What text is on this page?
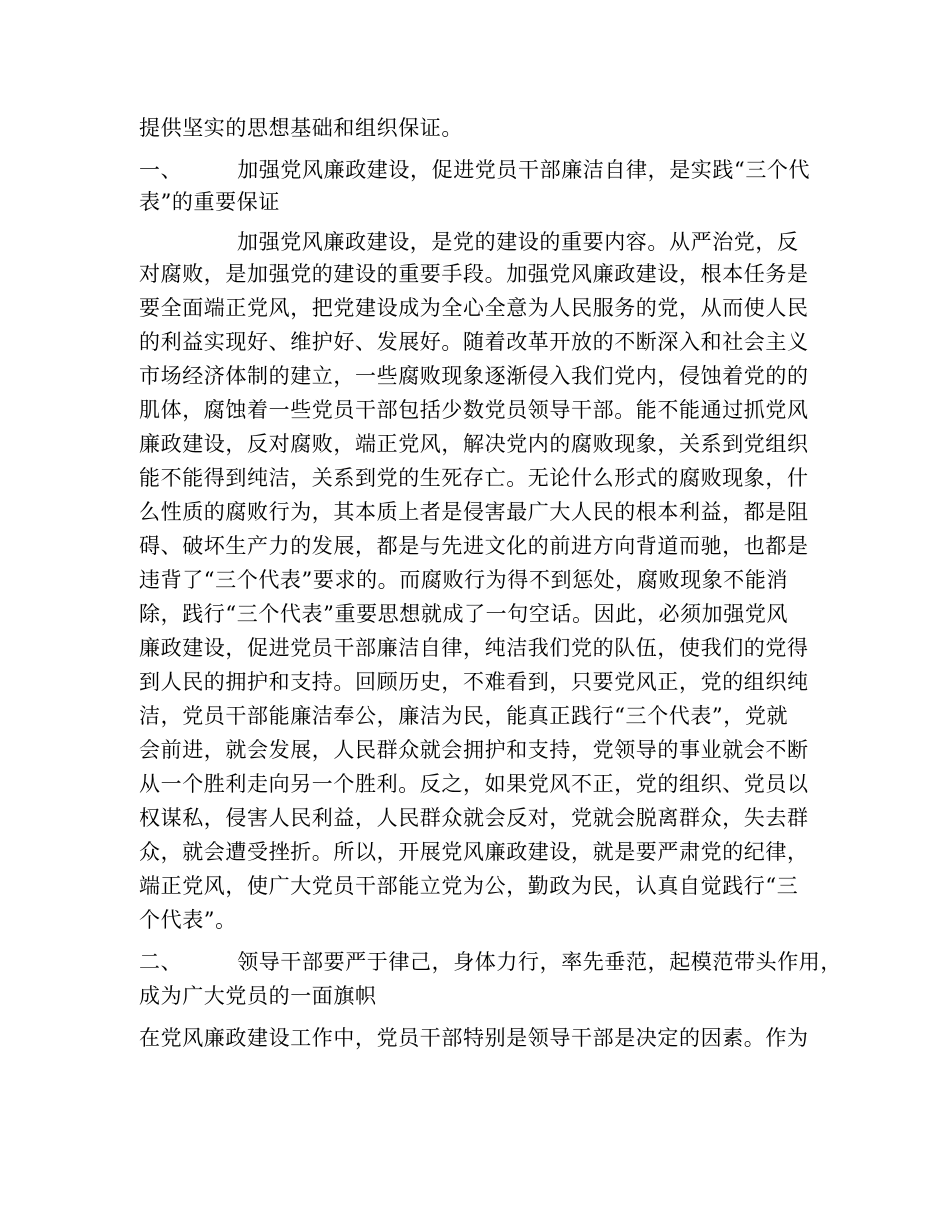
提供坚实的思想基础和组织保证。
一、	加强党风廉政建设，促进党员干部廉洁自律，是实践“三个代
表”的重要保证
加强党风廉政建设，是党的建设的重要内容。从严治党，反
对腐败，是加强党的建设的重要手段。加强党风廉政建设，根本任务是
要全面端正党风，把党建设成为全心全意为人民服务的党，从而使人民
的利益实现好、维护好、发展好。随着改革开放的不断深入和社会主义
市场经济体制的建立，一些腐败现象逐渐侵入我们党内，侵蚀着党的的
肌体，腐蚀着一些党员干部包括少数党员领导干部。能不能通过抓党风
廉政建设，反对腐败，端正党风，解决党内的腐败现象，关系到党组织
能不能得到纯洁，关系到党的生死存亡。无论什么形式的腐败现象，什
么性质的腐败行为，其本质上者是侵害最广大人民的根本利益，都是阻
碍、破坏生产力的发展，都是与先进文化的前进方向背道而驰，也都是
违背了“三个代表”要求的。而腐败行为得不到惩处，腐败现象不能消
除，践行“三个代表”重要思想就成了一句空话。因此，必须加强党风
廉政建设，促进党员干部廉洁自律，纯洁我们党的队伍，使我们的党得
到人民的拥护和支持。回顾历史，不难看到，只要党风正，党的组织纯
洁，党员干部能廉洁奉公，廉洁为民，能真正践行“三个代表”，党就
会前进，就会发展，人民群众就会拥护和支持，党领导的事业就会不断
从一个胜利走向另一个胜利。反之，如果党风不正，党的组织、党员以
权谋私，侵害人民利益，人民群众就会反对，党就会脱离群众，失去群
众，就会遭受挫折。所以，开展党风廉政建设，就是要严肃党的纪律，
端正党风，使广大党员干部能立党为公，勤政为民，认真自觉践行“三
个代表”。
二、	领导干部要严于律己，身体力行，率先垂范，起模范带头作用，
成为广大党员的一面旗帜
在党风廉政建设工作中，党员干部特别是领导干部是决定的因素。作为
